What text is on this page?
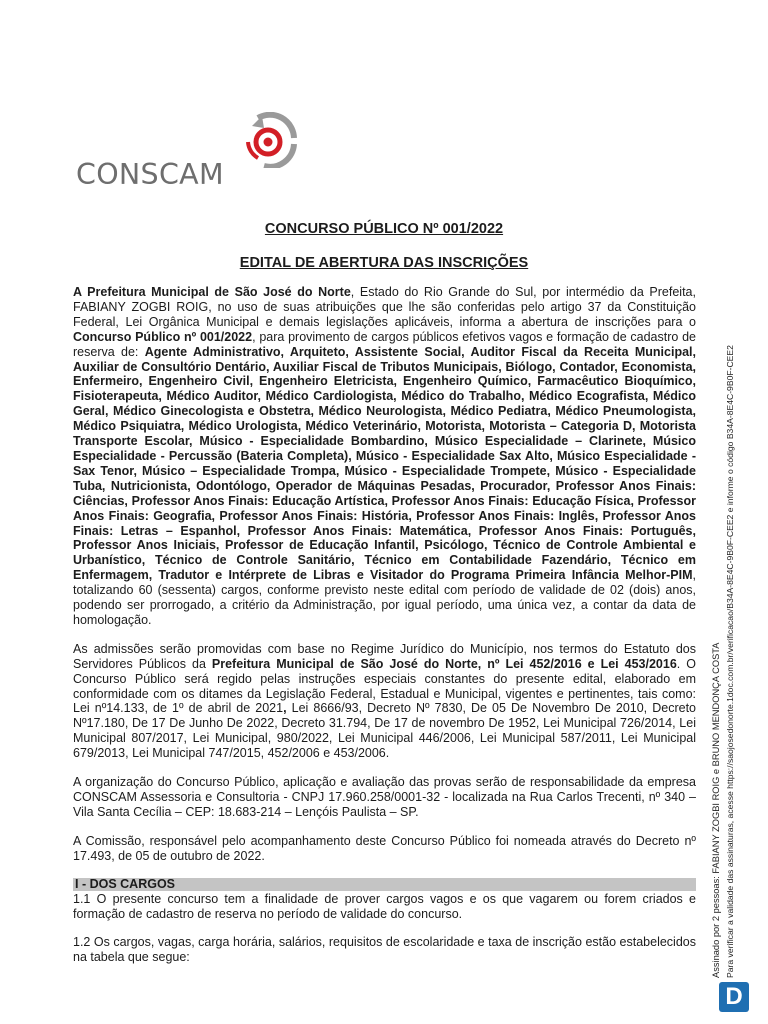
CONSCAM
CONCURSO PÚBLICO Nº 001/2022
EDITAL DE ABERTURA DAS INSCRIÇÕES

A Prefeitura Municipal de São José do Norte, Estado do Rio Grande do Sul, por intermédio da Prefeita, FABIANY ZOGBI ROIG, no uso de suas atribuições que lhe são conferidas pelo artigo 37 da Constituição Federal, Lei Orgânica Municipal e demais legislações aplicáveis, informa a abertura de inscrições para o Concurso Público nº 001/2022, para provimento de cargos públicos efetivos vagos e formação de cadastro de reserva de: Agente Administrativo, Arquiteto, Assistente Social, Auditor Fiscal da Receita Municipal, Auxiliar de Consultório Dentário, Auxiliar Fiscal de Tributos Municipais, Biólogo, Contador, Economista, Enfermeiro, Engenheiro Civil, Engenheiro Eletricista, Engenheiro Químico, Farmacêutico Bioquímico, Fisioterapeuta, Médico Auditor, Médico Cardiologista, Médico do Trabalho, Médico Ecografista, Médico Geral, Médico Ginecologista e Obstetra, Médico Neurologista, Médico Pediatra, Médico Pneumologista, Médico Psiquiatra, Médico Urologista, Médico Veterinário, Motorista, Motorista – Categoria D, Motorista Transporte Escolar, Músico - Especialidade Bombardino, Músico Especialidade – Clarinete, Músico Especialidade - Percussão (Bateria Completa), Músico - Especialidade Sax Alto, Músico Especialidade - Sax Tenor, Músico – Especialidade Trompa, Músico - Especialidade Trompete, Músico - Especialidade Tuba, Nutricionista, Odontólogo, Operador de Máquinas Pesadas, Procurador, Professor Anos Finais: Ciências, Professor Anos Finais: Educação Artística, Professor Anos Finais: Educação Física, Professor Anos Finais: Geografia, Professor Anos Finais: História, Professor Anos Finais: Inglês, Professor Anos Finais: Letras – Espanhol, Professor Anos Finais: Matemática, Professor Anos Finais: Português, Professor Anos Iniciais, Professor de Educação Infantil, Psicólogo, Técnico de Controle Ambiental e Urbanístico, Técnico de Controle Sanitário, Técnico em Contabilidade Fazendário, Técnico em Enfermagem, Tradutor e Intérprete de Libras e Visitador do Programa Primeira Infância Melhor-PIM, totalizando 60 (sessenta) cargos, conforme previsto neste edital com período de validade de 02 (dois) anos, podendo ser prorrogado, a critério da Administração, por igual período, uma única vez, a contar da data de homologação.

As admissões serão promovidas com base no Regime Jurídico do Município, nos termos do Estatuto dos Servidores Públicos da Prefeitura Municipal de São José do Norte, nº Lei 452/2016 e Lei 453/2016. O Concurso Público será regido pelas instruções especiais constantes do presente edital, elaborado em conformidade com os ditames da Legislação Federal, Estadual e Municipal, vigentes e pertinentes, tais como: Lei nº14.133, de 1º de abril de 2021, Lei 8666/93, Decreto Nº 7830, De 05 De Novembro De 2010, Decreto Nº17.180, De 17 De Junho De 2022, Decreto 31.794, De 17 de novembro De 1952, Lei Municipal 726/2014, Lei Municipal 807/2017, Lei Municipal, 980/2022, Lei Municipal 446/2006, Lei Municipal 587/2011, Lei Municipal 679/2013, Lei Municipal 747/2015, 452/2006 e 453/2006.

A organização do Concurso Público, aplicação e avaliação das provas serão de responsabilidade da empresa CONSCAM Assessoria e Consultoria - CNPJ 17.960.258/0001-32 - localizada na Rua Carlos Trecenti, nº 340 – Vila Santa Cecília – CEP: 18.683-214 – Lençóis Paulista – SP.

A Comissão, responsável pelo acompanhamento deste Concurso Público foi nomeada através do Decreto nº 17.493, de 05 de outubro de 2022.

I - DOS CARGOS

1.1 O presente concurso tem a finalidade de prover cargos vagos e os que vagarem ou forem criados e formação de cadastro de reserva no período de validade do concurso.

1.2 Os cargos, vagas, carga horária, salários, requisitos de escolaridade e taxa de inscrição estão estabelecidos na tabela que segue:	Assinado por 2 pessoas: FABIANY ZOGBI ROIG e BRUNO MENDONÇA COSTA Para verificar a validade das assinaturas, acesse https://saojosedonorte.1doc.com.br/verificacao/B34A-8E4C-9B0F-CEE2 e informe o código B34A-8E4C-9B0F-CEE2
D
